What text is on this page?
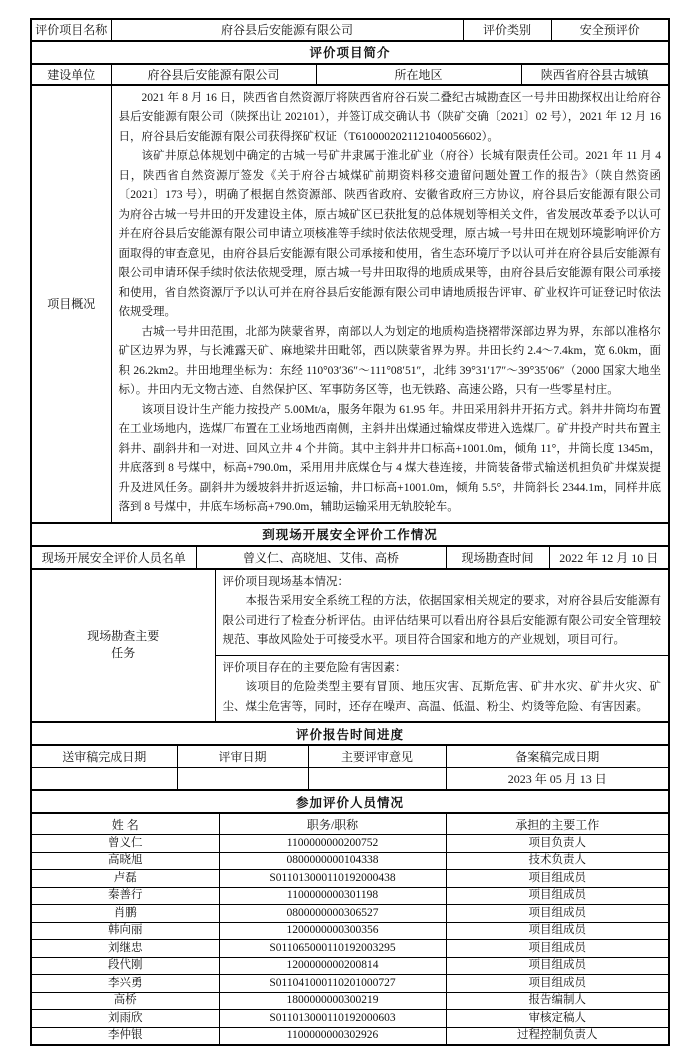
评价项目名称	府谷县后安能源有限公司	评价类别	安全预评价
评价项目简介
建设单位	府谷县后安能源有限公司	所在地区	陕西省府谷县古城镇
项目概况	
2021 年 8 月 16 日，陕西省自然资源厅将陕西省府谷石炭二叠纪古城勘查区一号井田勘探权出让给府谷县后安能源有限公司（陕探出让 202101），并签订成交确认书（陕矿交确〔2021〕02 号），2021 年 12 月 16 日，府谷县后安能源有限公司获得探矿权证（T6100002021121040056602）。
该矿井原总体规划中确定的古城一号矿井隶属于淮北矿业（府谷）长城有限责任公司。2021 年 11 月 4 日，陕西省自然资源厅签发《关于府谷古城煤矿前期资料移交遗留问题处置工作的报告》（陕自然资函〔2021〕173 号），明确了根据自然资源部、陕西省政府、安徽省政府三方协议，府谷县后安能源有限公司为府谷古城一号井田的开发建设主体，原古城矿区已获批复的总体规划等相关文件，省发展改革委予以认可并在府谷县后安能源有限公司申请立项核准等手续时依法依规受理，原古城一号井田在规划环境影响评价方面取得的审查意见，由府谷县后安能源有限公司承接和使用，省生态环境厅予以认可并在府谷县后安能源有限公司申请环保手续时依法依规受理，原古城一号井田取得的地质成果等，由府谷县后安能源有限公司承接和使用，省自然资源厅予以认可并在府谷县后安能源有限公司申请地质报告评审、矿业权许可证登记时依法依规受理。
古城一号井田范围，北部为陕蒙省界，南部以人为划定的地质构造挠褶带深部边界为界，东部以准格尔矿区边界为界，与长滩露天矿、麻地梁井田毗邻，西以陕蒙省界为界。井田长约 2.4～7.4km，宽 6.0km，面积 26.2km2。井田地理坐标为：东经 110°03′36″～111°08′51″，北纬 39°31′17″～39°35′06″（2000 国家大地坐标）。井田内无文物古迹、自然保护区、军事防务区等，也无铁路、高速公路，只有一些零星村庄。
该项目设计生产能力按投产 5.00Mt/a，服务年限为 61.95 年。井田采用斜井开拓方式。斜井井筒均布置在工业场地内，选煤厂布置在工业场地西南侧，主斜井出煤通过输煤皮带进入选煤厂。矿井投产时共布置主斜井、副斜井和一对进、回风立井 4 个井筒。其中主斜井井口标高+1001.0m，倾角 11°，井筒长度 1345m，井底落到 8 号煤中，标高+790.0m，采用用井底煤仓与 4 煤大巷连接，井筒装备带式输送机担负矿井煤炭提升及进风任务。副斜井为缓坡斜井折返运输，井口标高+1001.0m，倾角 5.5°，井筒斜长 2344.1m，同样井底落到 8 号煤中，井底车场标高+790.0m，辅助运输采用无轨胶轮车。
到现场开展安全评价工作情况
现场开展安全评价人员名单	曾义仁、高晓旭、艾伟、高桥	现场勘查时间	2022 年 12 月 10 日
现场勘查主要任务	
评价项目现场基本情况：
本报告采用安全系统工程的方法，依据国家相关规定的要求，对府谷县后安能源有限公司进行了检查分析评估。由评估结果可以看出府谷县后安能源有限公司安全管理较规范、事故风险处于可接受水平。项目符合国家和地方的产业规划，项目可行。

评价项目存在的主要危险有害因素：
该项目的危险类型主要有冒顶、地压灾害、瓦斯危害、矿井水灾、矿井火灾、矿尘、煤尘危害等，同时，还存在噪声、高温、低温、粉尘、灼烫等危险、有害因素。
评价报告时间进度
送审稿完成日期	评审日期	主要评审意见	备案稿完成日期
			2023 年 05 月 13 日
参加评价人员情况
姓 名	职务/职称	承担的主要工作
曾义仁	1100000000200752	项目负责人
高晓旭	0800000000104338	技术负责人
卢磊	S011013000110192000438	项目组成员
秦善行	1100000000301198	项目组成员
肖鹏	0800000000306527	项目组成员
韩向丽	1200000000300356	项目组成员
刘继忠	S011065000110192003295	项目组成员
段代刚	1200000000200814	项目组成员
李兴勇	S011041000110201000727	项目组成员
高桥	1800000000300219	报告编制人
刘雨欣	S011013000110192000603	审核定稿人
李仲银	1100000000302926	过程控制负责人
